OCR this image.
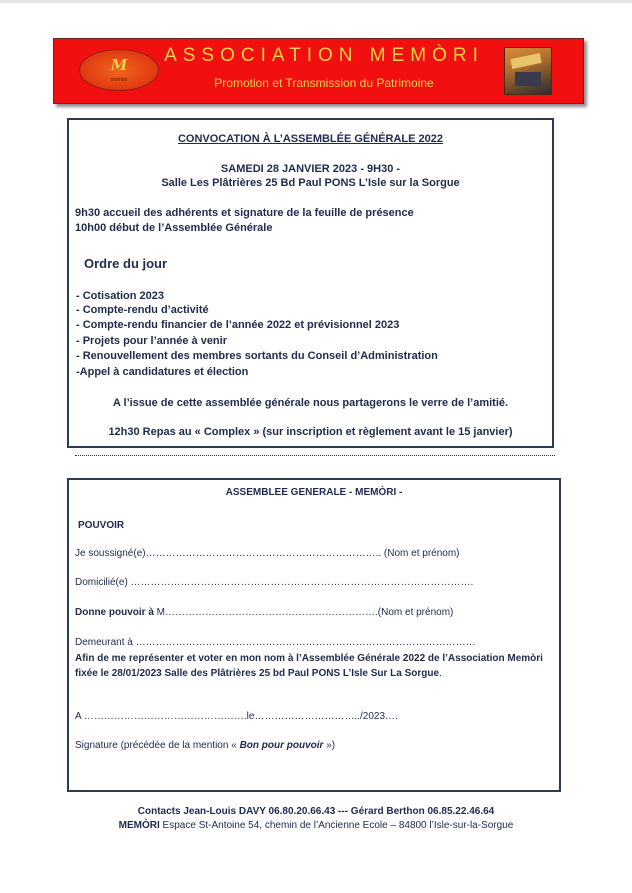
M
memòri
ASSOCIATION MEMÒRI
Promotion et Transmission du Patrimoine
CONVOCATION À L’ASSEMBLÉE GÉNÉRALE 2022
SAMEDI 28 JANVIER 2023 - 9H30 -
Salle Les Plâtrières 25 Bd Paul PONS L’Isle sur la Sorgue
9h30 accueil des adhérents et signature de la feuille de présence
10h00 début de l’Assemblée Générale
Ordre du jour
- Cotisation 2023
- Compte-rendu d’activité
- Compte-rendu financier de l’année 2022 et prévisionnel 2023
- Projets pour l’année à venir
- Renouvellement des membres sortants du Conseil d’Administration
-Appel à candidatures et élection
A l’issue de cette assemblée générale nous partagerons le verre de l’amitié.
12h30 Repas au « Complex » (sur inscription et règlement avant le 15 janvier)
ASSEMBLEE GENERALE - MEMÒRI -
POUVOIR
Je soussigné(e)…………………………………………………………….. (Nom et prénom)
Domicilié(e) ………………………………………………………………………………………….
Donne pouvoir à M……………………………………………………….(Nom et prénom)
Demeurant à …………………………………………………………………………………………
Afin de me représenter et voter en mon nom à l’Assemblée Générale 2022 de l’Association Memòri
fixée le 28/01/2023 Salle des Plâtrières 25 bd Paul PONS L’Isle Sur La Sorgue.
A ………………………………………….le…………………………../2023….
Signature (précédée de la mention « Bon pour pouvoir »)
Contacts Jean-Louis DAVY 06.80.20.66.43 --- Gérard Berthon 06.85.22.46.64
MEMÒRI Espace St-Antoine 54, chemin de l’Ancienne Ecole – 84800 l’Isle-sur-la-Sorgue
